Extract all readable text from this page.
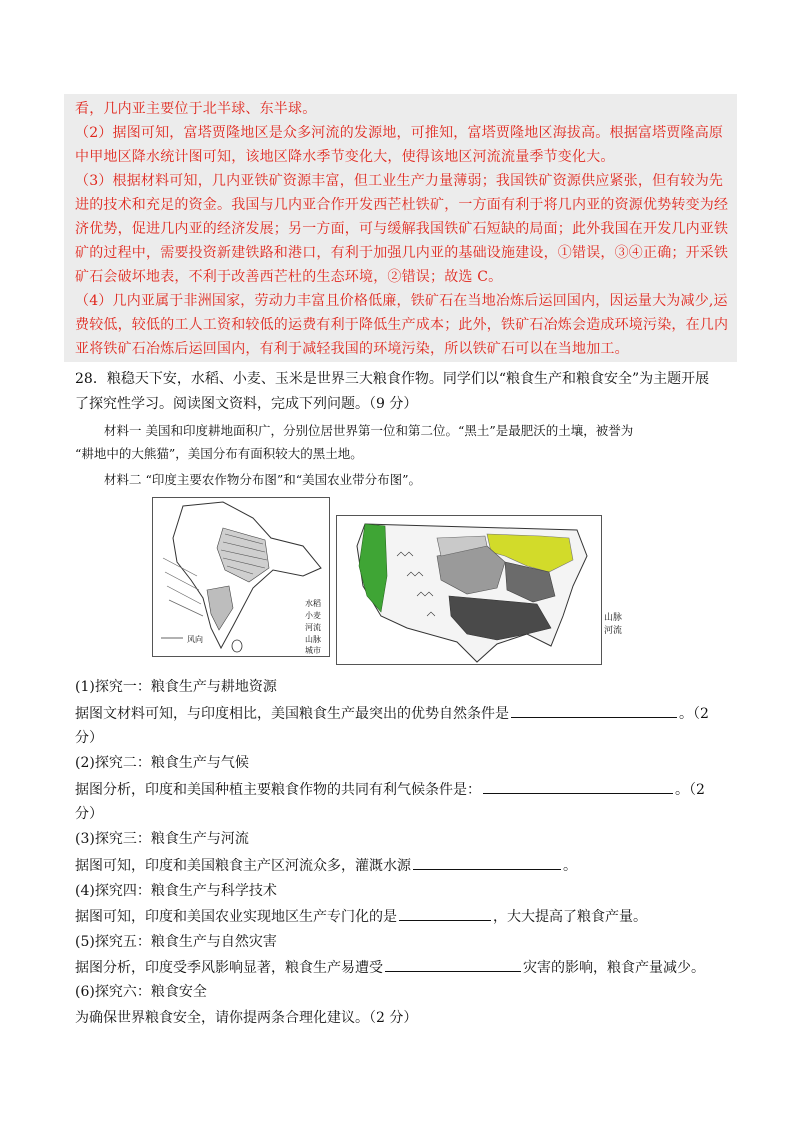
看，几内亚主要位于北半球、东半球。
（2）据图可知，富塔贾隆地区是众多河流的发源地，可推知，富塔贾隆地区海拔高。根据富塔贾隆高原
中甲地区降水统计图可知，该地区降水季节变化大，使得该地区河流流量季节变化大。
（3）根据材料可知，几内亚铁矿资源丰富，但工业生产力量薄弱；我国铁矿资源供应紧张，但有较为先
进的技术和充足的资金。我国与几内亚合作开发西芒杜铁矿，一方面有利于将几内亚的资源优势转变为经
济优势，促进几内亚的经济发展；另一方面，可与缓解我国铁矿石短缺的局面；此外我国在开发几内亚铁
矿的过程中，需要投资新建铁路和港口，有利于加强几内亚的基础设施建设，①错误，③④正确；开采铁
矿石会破坏地表，不利于改善西芒杜的生态环境，②错误；故选 C。
（4）几内亚属于非洲国家，劳动力丰富且价格低廉，铁矿石在当地冶炼后运回国内，因运量大为减少,运
费较低，较低的工人工资和较低的运费有利于降低生产成本；此外，铁矿石冶炼会造成环境污染，在几内
亚将铁矿石冶炼后运回国内，有利于减轻我国的环境污染，所以铁矿石可以在当地加工。
28．粮稳天下安，水稻、小麦、玉米是世界三大粮食作物。同学们以“粮食生产和粮食安全”为主题开展
了探究性学习。阅读图文资料，完成下列问题。（9 分）
材料一 美国和印度耕地面积广，分别位居世界第一位和第二位。“黑土”是最肥沃的土壤，被誉为
“耕地中的大熊猫”，美国分布有面积较大的黑土地。
材料二 “印度主要农作物分布图”和“美国农业带分布图”。
水稻
小麦
河流
山脉
城市
风向
山脉
河流
(1)探究一：粮食生产与耕地资源
据图文材料可知，与印度相比，美国粮食生产最突出的优势自然条件是	。（2
分）
(2)探究二：粮食生产与气候
据图分析，印度和美国种植主要粮食作物的共同有利气候条件是：	。（2
分）
(3)探究三：粮食生产与河流
据图可知，印度和美国粮食主产区河流众多，灌溉水源	。
(4)探究四：粮食生产与科学技术
据图可知，印度和美国农业实现地区生产专门化的是	，大大提高了粮食产量。
(5)探究五：粮食生产与自然灾害
据图分析，印度受季风影响显著，粮食生产易遭受	灾害的影响，粮食产量减少。
(6)探究六：粮食安全
为确保世界粮食安全，请你提两条合理化建议。（2 分）
